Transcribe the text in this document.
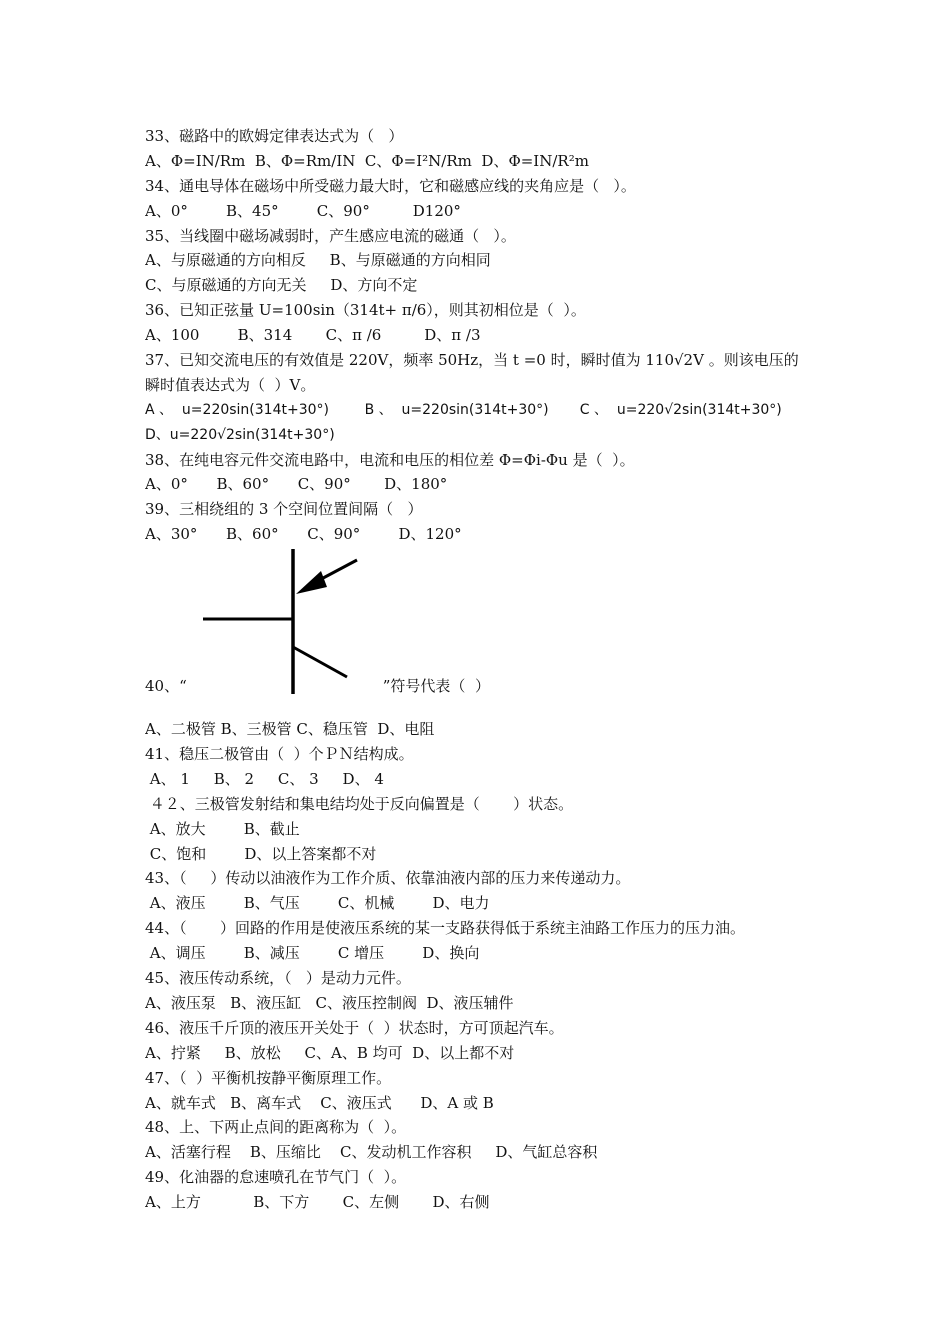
33、磁路中的欧姆定律表达式为（   ）
A、Φ=IN/Rm  B、Φ=Rm/IN  C、Φ=I²N/Rm  D、Φ=IN/R²m
34、通电导体在磁场中所受磁力最大时，它和磁感应线的夹角应是（   ）。
A、0°        B、45°        C、90°         D120°
35、当线圈中磁场减弱时，产生感应电流的磁通（   ）。
A、与原磁通的方向相反     B、与原磁通的方向相同
C、与原磁通的方向无关     D、方向不定
36、已知正弦量 U=100sin（314t+ π/6），则其初相位是（  ）。
A、100        B、314       C、π /6         D、π /3
37、已知交流电压的有效值是 220V，频率 50Hz，当 t =0 时，瞬时值为 110√2V 。则该电压的
瞬时值表达式为（  ）V。
A 、  u=220sin(314t+30°)        B 、  u=220sin(314t+30°)       C 、  u=220√2sin(314t+30°)
D、u=220√2sin(314t+30°)
38、在纯电容元件交流电路中，电流和电压的相位差 Φ=Φi-Φu 是（  ）。
A、0°      B、60°      C、90°       D、180°
39、三相绕组的 3 个空间位置间隔（   ）
A、30°      B、60°      C、90°        D、120°
40、“	”符号代表（  ）
A、二极管 B、三极管 C、稳压管  D、电阻
41、稳压二极管由（  ）个ＰＮ结构成。
A、 1     B、 2     C、 3     D、 4
４２、三极管发射结和集电结均处于反向偏置是（       ）状态。
A、放大        B、截止
C、饱和        D、以上答案都不对
43、（     ）传动以油液作为工作介质、依靠油液内部的压力来传递动力。
A、液压        B、气压        C、机械        D、电力
44、（       ）回路的作用是使液压系统的某一支路获得低于系统主油路工作压力的压力油。
A、调压        B、减压        C 增压        D、换向
45、液压传动系统，（   ）是动力元件。
A、液压泵   B、液压缸   C、液压控制阀  D、液压辅件
46、液压千斤顶的液压开关处于（  ）状态时，方可顶起汽车。
A、拧紧     B、放松     C、A、B 均可  D、以上都不对
47、（  ）平衡机按静平衡原理工作。
A、就车式   B、离车式    C、液压式      D、A 或 B
48、上、下两止点间的距离称为（  ）。
A、活塞行程    B、压缩比    C、发动机工作容积     D、气缸总容积
49、化油器的怠速喷孔在节气门（  ）。
A、上方           B、下方       C、左侧       D、右侧
